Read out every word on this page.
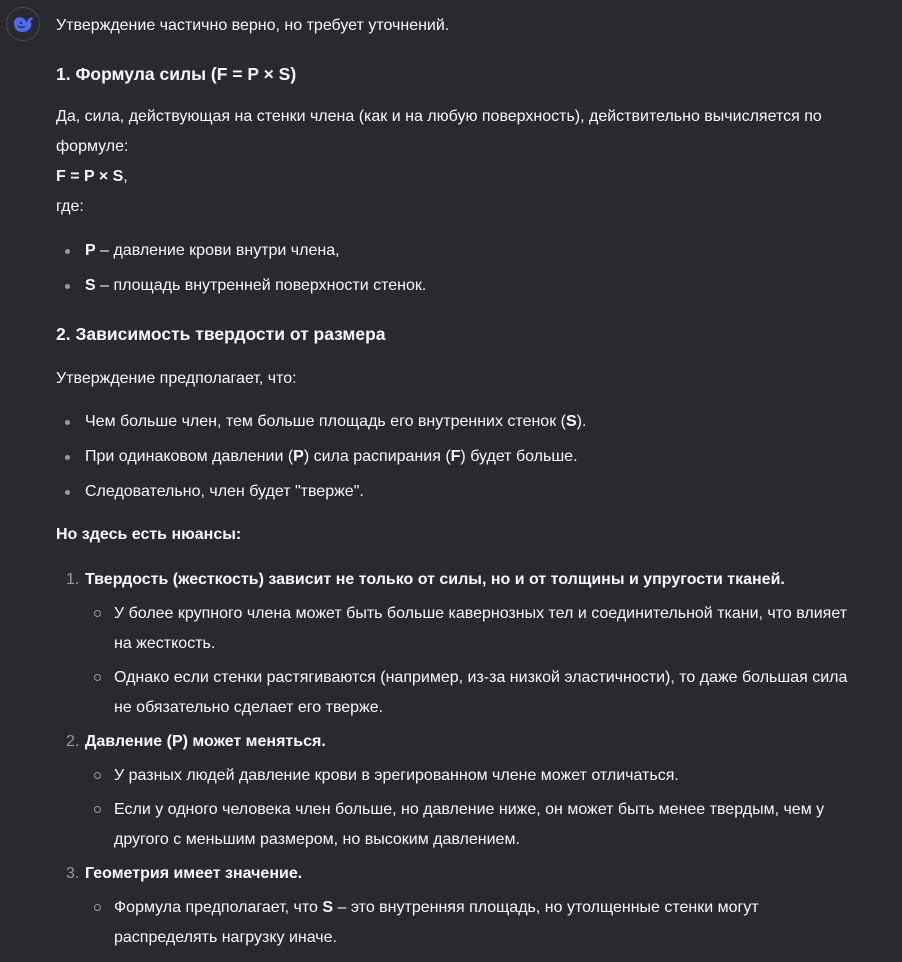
Утверждение частично верно, но требует уточнений.

1. Формула силы (F = P × S)

Да, сила, действующая на стенки члена (как и на любую поверхность), действительно вычисляется по формуле:

F = P × S,

где:

P – давление крови внутри члена,
S – площадь внутренней поверхности стенок.
2. Зависимость твердости от размера

Утверждение предполагает, что:

Чем больше член, тем больше площадь его внутренних стенок (S).
При одинаковом давлении (P) сила распирания (F) будет больше.
Следовательно, член будет "тверже".

Но здесь есть нюансы:

1. Твердость (жесткость) зависит не только от силы, но и от толщины и упругости тканей.
У более крупного члена может быть больше кавернозных тел и соединительной ткани, что влияет на жесткость.
Однако если стенки растягиваются (например, из-за низкой эластичности), то даже большая сила не обязательно сделает его тверже.
2. Давление (P) может меняться.
У разных людей давление крови в эрегированном члене может отличаться.
Если у одного человека член больше, но давление ниже, он может быть менее твердым, чем у другого с меньшим размером, но высоким давлением.
3. Геометрия имеет значение.
Формула предполагает, что S – это внутренняя площадь, но утолщенные стенки могут распределять нагрузку иначе.
